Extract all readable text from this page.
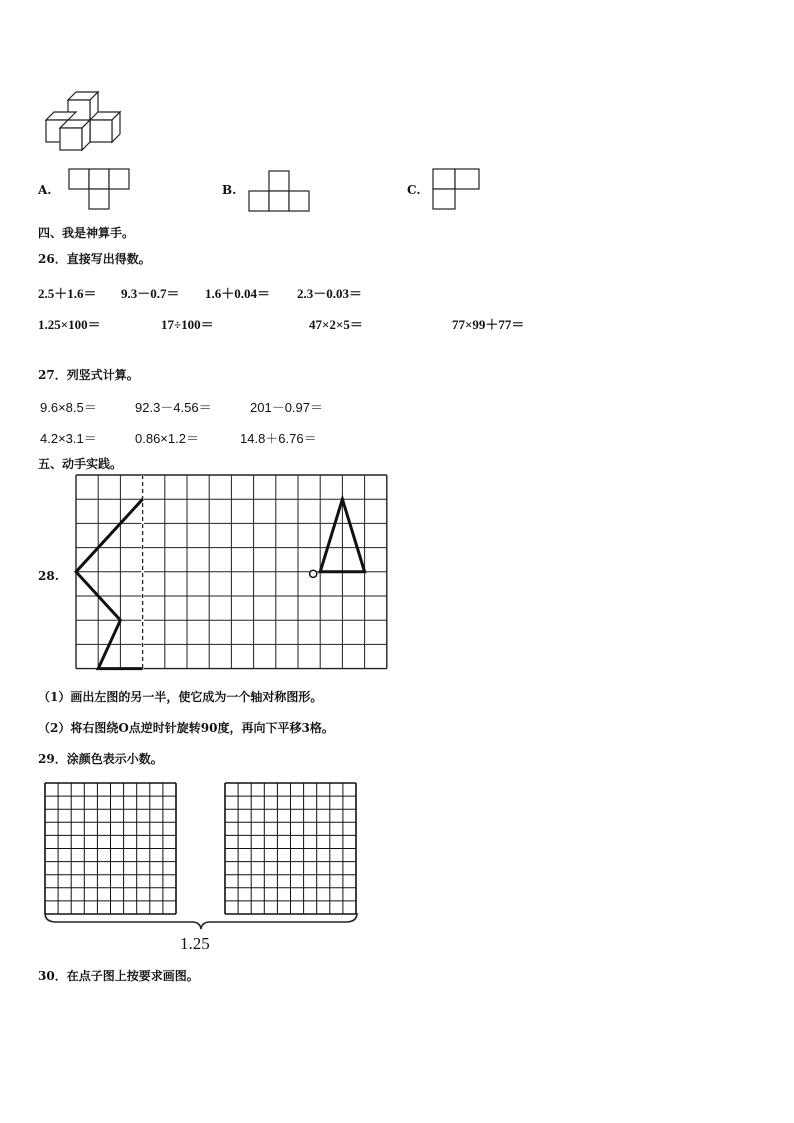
A.	B.	C.
四、我是神算手。
26．直接写出得数。
2.5＋1.6＝ 9.3－0.7＝ 1.6＋0.04＝ 2.3－0.03＝
1.25×100＝	17÷100＝	47×2×5＝	77×99＋77＝
27．列竖式计算。
9.6×8.5＝	92.3－4.56＝	201－0.97＝
4.2×3.1＝	0.86×1.2＝	14.8＋6.76＝
五、动手实践。
28.
（1）画出左图的另一半，使它成为一个轴对称图形。
（2）将右图绕O点逆时针旋转90度，再向下平移3格。
29．涂颜色表示小数。
1.25
30．在点子图上按要求画图。
